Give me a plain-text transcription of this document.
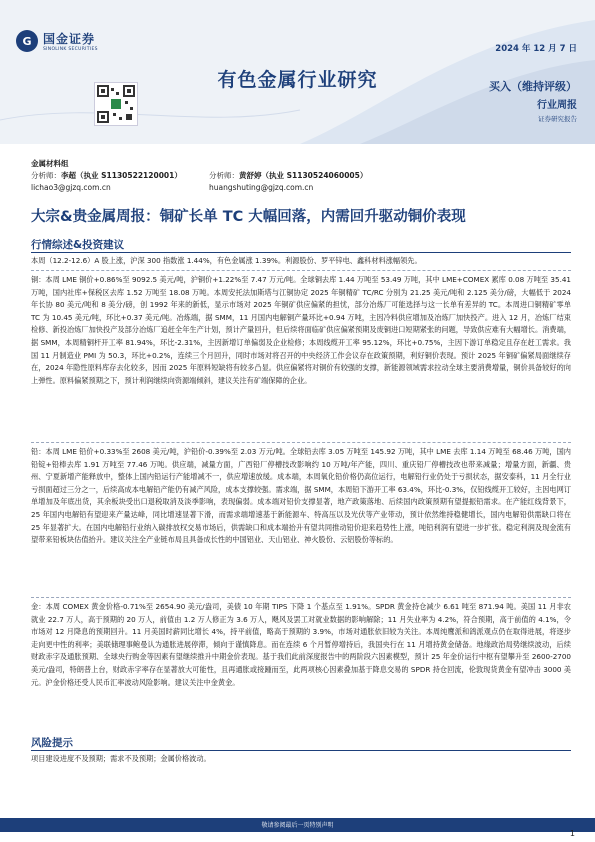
G 国金证券
SINOLINK SECURITIES	2024 年 12 月 7 日
有色金属行业研究	买入（维持评级）
行业周报
证券研究报告
金属材料组
分析师：李超（执业 S1130522120001）	分析师：黄舒婷（执业 S1130524060005）
lichao3@gjzq.com.cn	huangshuting@gjzq.com.cn
大宗&贵金属周报：铜矿长单 TC 大幅回落，内需回升驱动铜价表现
行情综述&投资建议
本周（12.2-12.6）A 股上涨，沪深 300 指数涨 1.44%，有色金属涨 1.39%。利源股份、罗平锌电、鑫科材料涨幅领先。
铜：本周 LME 铜价+0.86%至 9092.5 美元/吨，沪铜价+1.22%至 7.47 万元/吨。全球铜去库 1.44 万吨至 53.49 万吨，其中 LME+COMEX 累库 0.08 万吨至 35.41 万吨，国内社库+保税区去库 1.52 万吨至 18.08 万吨。本周安托法加斯塔与江铜协定 2025 年铜精矿 TC/RC 分别为 21.25 美元/吨和 2.125 美分/磅，大幅低于 2024 年长协 80 美元/吨和 8 美分/磅，创 1992 年来的新低，显示市场对 2025 年铜矿供应偏紧的担忧，部分冶炼厂可能选择与这一长单有差异的 TC。本周进口铜精矿零单 TC 为 10.45 美元/吨，环比+0.37 美元/吨。冶炼端，据 SMM，11 月国内电解铜产量环比+0.94 万吨，主因冷料供应增加及冶炼厂加快投产。进入 12 月，冶炼厂结束检修、新投冶炼厂加快投产及部分冶炼厂追赶全年生产计划，预计产量回升，但后续将面临矿供应偏紧预期及废铜进口短期紧张的问题，导致供应难有大幅增长。消费端，据 SMM，本周精铜杆开工率 81.94%，环比-2.31%，主因新增订单偏弱及企业检修；本周线缆开工率 95.12%，环比+0.75%，主因下游订单稳定且存在赶工需求。我国 11 月制造业 PMI 为 50.3，环比+0.2%，连续三个月回升，同时市场对将召开的中央经济工作会议存在政策预期，利好铜价表现。预计 2025 年铜矿偏紧局面继续存在，2024 年隐性原料库存去化较多，因而 2025 年原料短缺将有较多凸显。供应偏紧将对铜价有较强的支撑，新能源领域需求拉动全球主要消费增量，铜价具备较好的向上弹性。原料偏紧预期之下，预计利润继续向资源端倾斜，建议关注有矿端保障的企业。
铅：本周 LME 铅价+0.33%至 2608 美元/吨，沪铅价-0.39%至 2.03 万元/吨。全球铅去库 3.05 万吨至 145.92 万吨，其中 LME 去库 1.14 万吨至 68.46 万吨，国内铅锭+铅棒去库 1.91 万吨至 77.46 万吨。供应端，减量方面，广西铅厂停槽技改影响约 10 万吨/年产能，四川、重庆铅厂停槽技改也带来减量；增量方面，新疆、贵州、宁夏新增产能释放中，整体上国内铅运行产能增减不一，供应增速放缓。成本端，本周氧化铅价格仍高位运行，电解铅行业仍处于亏损状态，据安泰科，11 月全行业亏损面超过三分之一，后续高成本电解铅产能仍有减产风险，成本支撑较强。需求端，据 SMM，本周铅下游开工率 63.4%，环比-0.3%，仅铅线缆开工较好，主因电网订单增加及年底出货，其余板块受出口退税取消及淡季影响，表现偏弱。成本端对铅价支撑显著，地产政策落地、后续国内政策预期有望提振铅需求。在产能红线背景下，25 年国内电解铅有望迎来产量达峰，同比增速显著下滑，而需求端增速基于新能源车、特高压以及光伏等产业带动，预计依然维持稳健增长，国内电解铅供需缺口将在 25 年显著扩大。在国内电解铅行业纳入碳排放权交易市场后，供需缺口和成本端抬升有望共同推动铅价迎来趋势性上涨，吨铅利润有望进一步扩张。稳定利润及现金流有望带来铅板块估值抬升。建议关注全产业链布局且具备成长性的中国铝业、天山铝业、神火股份、云铝股份等标的。
金：本周 COMEX 黄金价格-0.71%至 2654.90 美元/盎司，美债 10 年期 TIPS 下降 1 个基点至 1.91%。SPDR 黄金持仓减少 6.61 吨至 871.94 吨。美国 11 月非农就业 22.7 万人，高于预期的 20 万人，前值由 1.2 万人修正为 3.6 万人，飓风及罢工对就业数据的影响解除；11 月失业率为 4.2%，符合预期，高于前值的 4.1%，令市场对 12 月降息的预期回升。11 月美国时薪同比增长 4%，持平前值，略高于预期的 3.9%，市场对通胀依旧较为关注。本周纯鹰派和鸽派观点仍在取得进展，将逐步走向更中性的利率；美联储理事鲍曼认为通胀进展停滞，倾向于谨慎降息。而在连续 6 个月暂停增持后，我国央行在 11 月增持黄金储备。地缘政治局势继续波动，后续财政赤字及通胀预期、全球央行购金等因素有望继续推升中期金价表现。基于我们此前深度报告中的两阶段六因素模型，预计 25 年金价运行中枢有望攀升至 2600-2700 美元/盎司，特朗普上台，财政赤字率存在显著放大可能性，且再通胀或接踵而至，此两项核心因素叠加基于降息交易的 SPDR 持仓回流，伦敦现货黄金有望冲击 3000 美元。沪金价格还受人民币汇率波动风险影响。建议关注中金黄金。
风险提示
项目建设进度不及预期；需求不及预期；金属价格波动。
敬请参阅最后一页特别声明
1
